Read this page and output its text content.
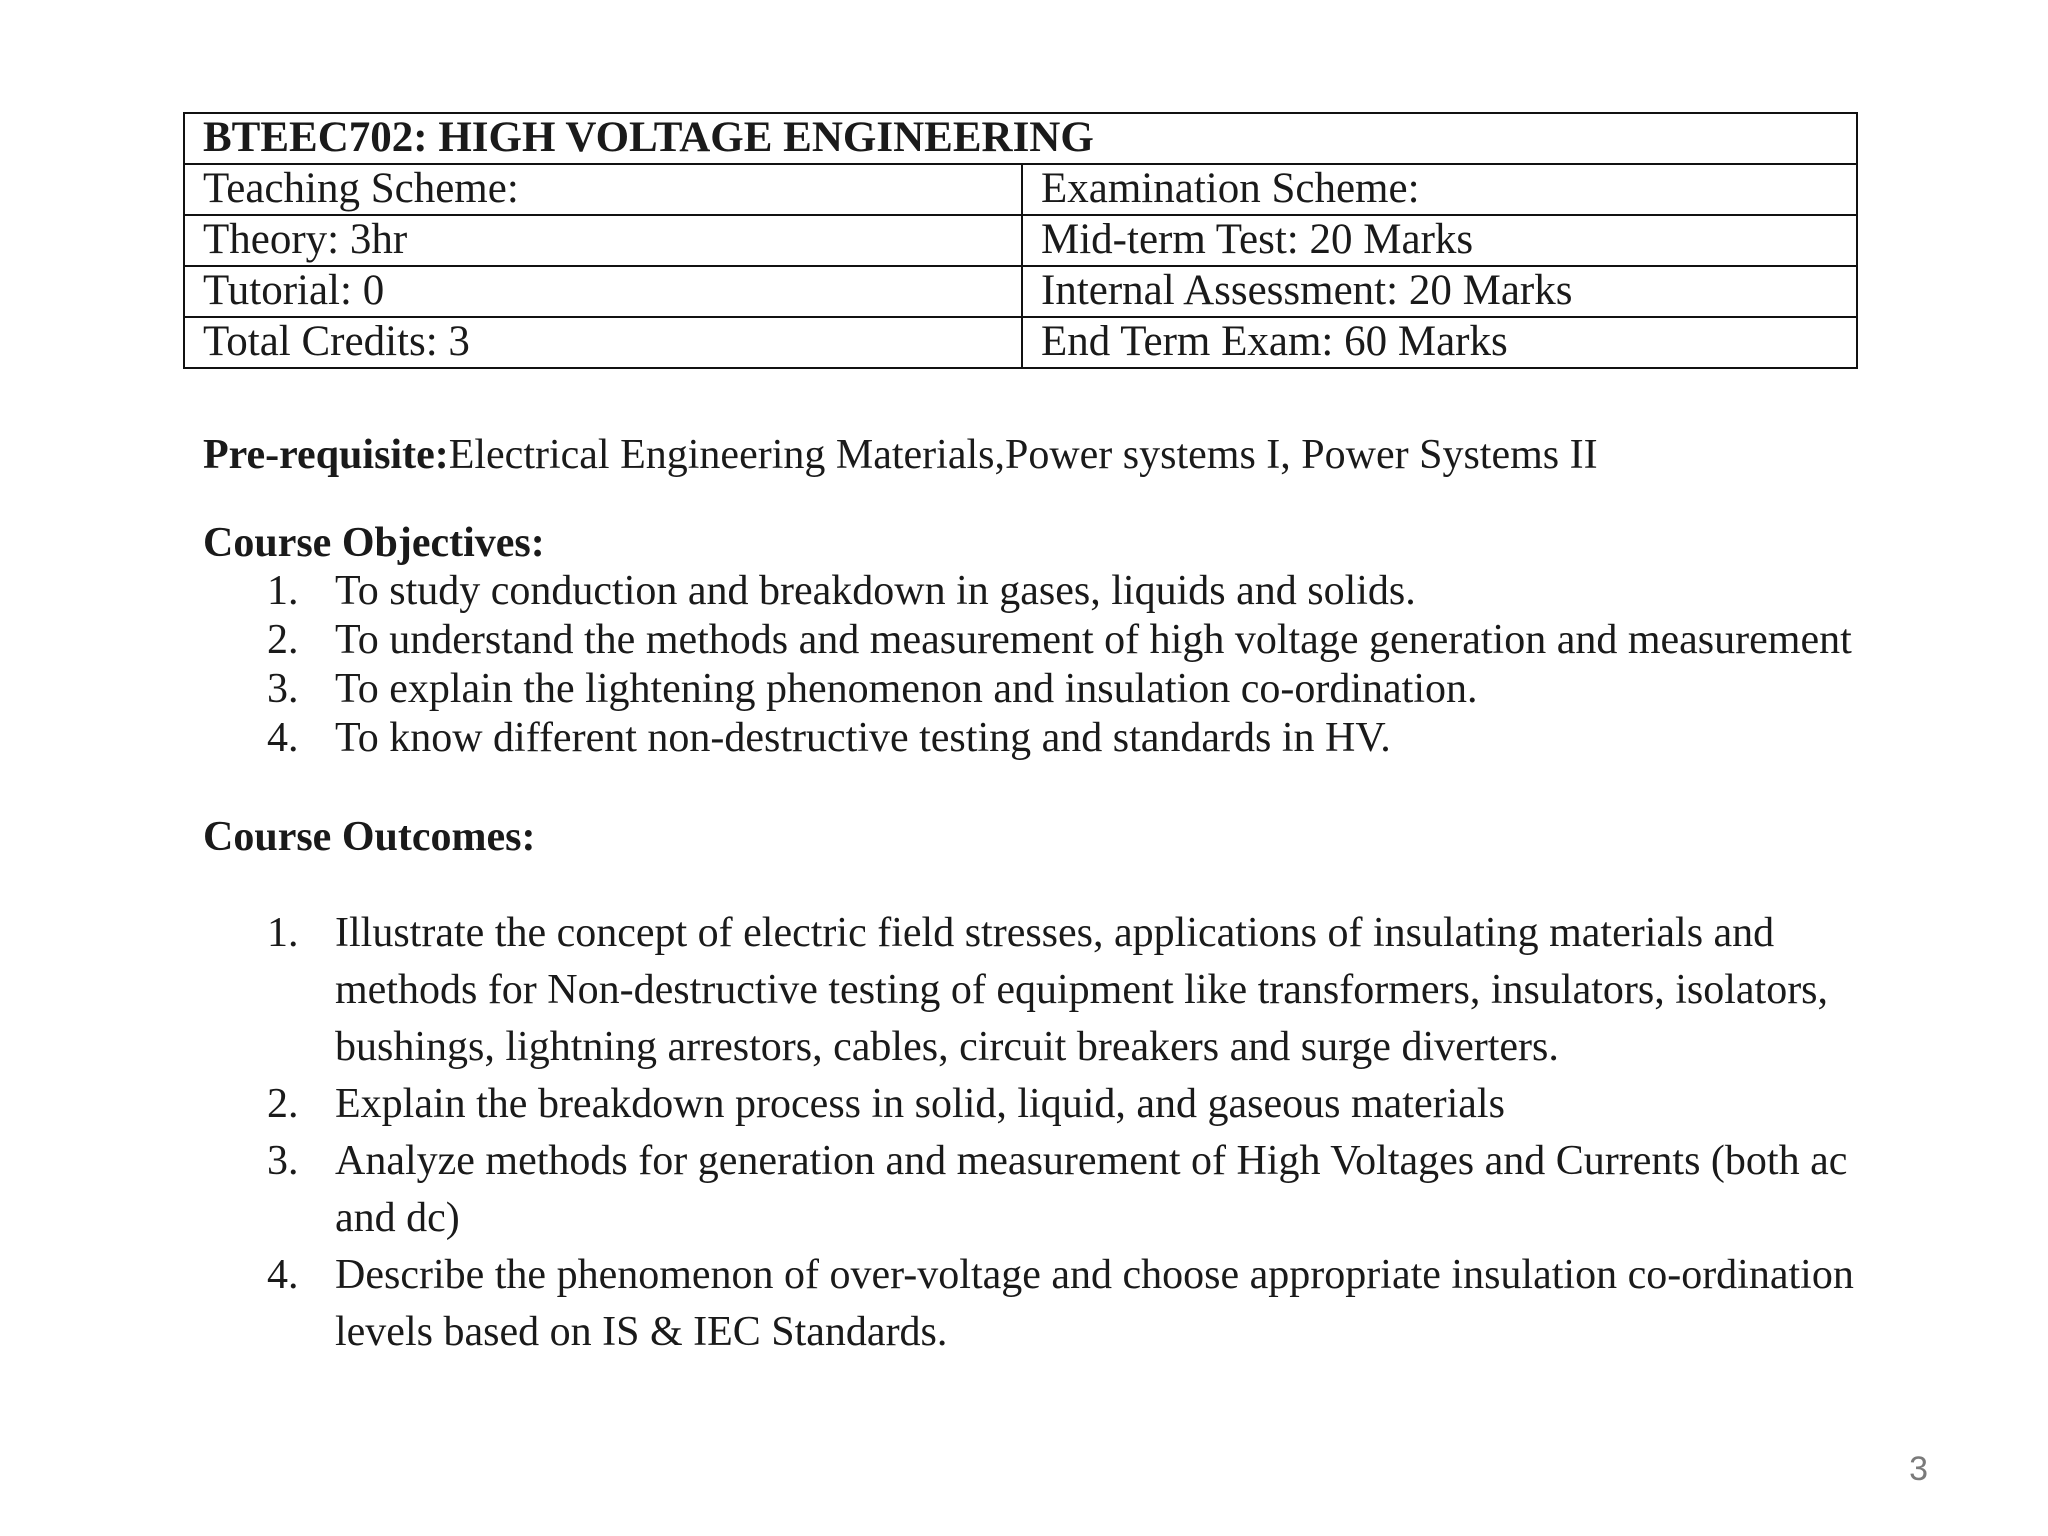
BTEEC702: HIGH VOLTAGE ENGINEERING	
Teaching Scheme:	Examination Scheme:
Theory: 3hr	Mid-term Test: 20 Marks
Tutorial: 0	Internal Assessment: 20 Marks
Total Credits: 3	End Term Exam: 60 Marks
Pre-requisite:Electrical Engineering Materials,Power systems I, Power Systems II
Course Objectives:
1. To study conduction and breakdown in gases, liquids and solids.
2. To understand the methods and measurement of high voltage generation and measurement
3. To explain the lightening phenomenon and insulation co-ordination.
4. To know different non-destructive testing and standards in HV.
Course Outcomes:
1. Illustrate the concept of electric field stresses, applications of insulating materials and methods for Non-destructive testing of equipment like transformers, insulators, isolators, bushings, lightning arrestors, cables, circuit breakers and surge diverters.
2. Explain the breakdown process in solid, liquid, and gaseous materials
3. Analyze methods for generation and measurement of High Voltages and Currents (both ac and dc)
4. Describe the phenomenon of over-voltage and choose appropriate insulation co-ordination levels based on IS & IEC Standards.
3
